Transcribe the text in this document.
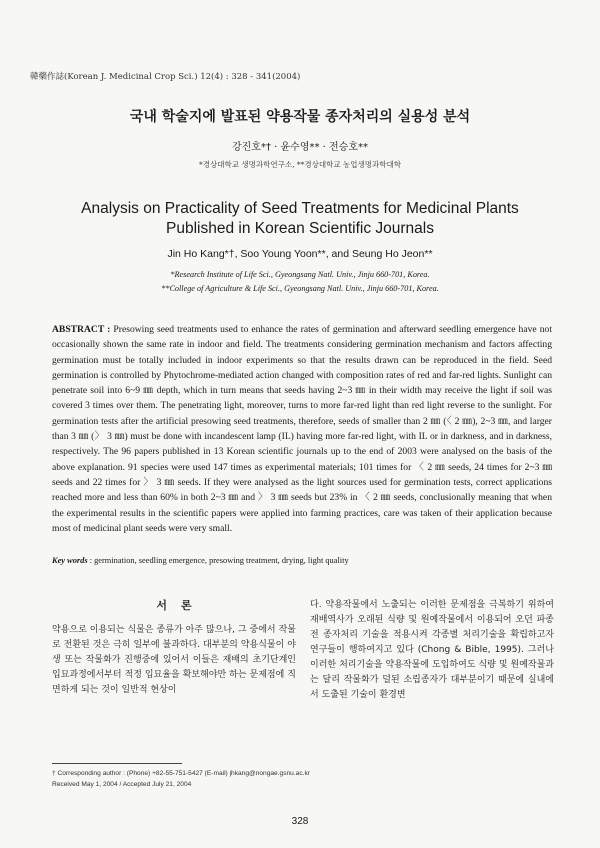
韓藥作誌(Korean J. Medicinal Crop Sci.) 12(4) : 328 - 341(2004)
국내 학술지에 발표된 약용작물 종자처리의 실용성 분석
강진호*† · 윤수영** · 전승호**
*경상대학교 생명과학연구소, **경상대학교 농업생명과학대학
Analysis on Practicality of Seed Treatments for Medicinal Plants
Published in Korean Scientific Journals
Jin Ho Kang*†, Soo Young Yoon**, and Seung Ho Jeon**
*Research Institute of Life Sci., Gyeongsang Natl. Univ., Jinju 660-701, Korea.
**College of Agriculture & Life Sci., Gyeongsang Natl. Univ., Jinju 660-701, Korea.
ABSTRACT : Presowing seed treatments used to enhance the rates of germination and afterward seedling emergence have not occasionally shown the same rate in indoor and field. The treatments considering germination mechanism and factors affecting germination must be totally included in indoor experiments so that the results drawn can be reproduced in the field. Seed germination is controlled by Phytochrome-mediated action changed with composition rates of red and far-red lights. Sunlight can penetrate soil into 6~9 ㎜ depth, which in turn means that seeds having 2~3 ㎜ in their width may receive the light if soil was covered 3 times over them. The penetrating light, moreover, turns to more far-red light than red light reverse to the sunlight. For germination tests after the artificial presowing seed treatments, therefore, seeds of smaller than 2 ㎜ (〈 2 ㎜), 2~3 ㎜, and larger than 3 ㎜ (〉 3 ㎜) must be done with incandescent lamp (IL) having more far-red light, with IL or in darkness, and in darkness, respectively. The 96 papers published in 13 Korean scientific journals up to the end of 2003 were analysed on the basis of the above explanation. 91 species were used 147 times as experimental materials; 101 times for 〈 2 ㎜ seeds, 24 times for 2~3 ㎜ seeds and 22 times for 〉 3 ㎜ seeds. If they were analysed as the light sources used for germination tests, correct applications reached more and less than 60% in both 2~3 ㎜ and 〉 3 ㎜ seeds but 23% in 〈 2 ㎜ seeds, conclusionally meaning that when the experimental results in the scientific papers were applied into farming practices, care was taken of their application because most of medicinal plant seeds were very small.
Key words : germination, seedling emergence, presowing treatment, drying, light quality
서론
약용으로 이용되는 식물은 종류가 아주 많으나, 그 중에서 작물로 전환된 것은 극히 일부에 불과하다. 대부분의 약용식물이 야생 또는 작물화가 진행중에 있어서 이들은 재배의 초기단계인 입묘과정에서부터 적정 입묘율을 확보해야만 하는 문제점에 직면하게 되는 것이 일반적 현상이
다. 약용작물에서 노출되는 이러한 문제점을 극복하기 위하여 재배역사가 오래된 식량 및 원예작물에서 이용되어 오던 파종전 종자처리 기술을 적용시켜 각종별 처리기술을 확립하고자 연구들이 행하여지고 있다 (Chong & Bible, 1995). 그러나 이러한 처리기술을 약용작물에 도입하여도 식량 및 원예작물과는 달리 작물화가 덜된 소립종자가 대부분이기 때문에 실내에서 도출된 기술이 환경변
† Corresponding author : (Phone) +82-55-751-5427 (E-mail) jhkang@nongae.gsnu.ac.kr
Received May 1, 2004 / Accepted July 21, 2004
328
